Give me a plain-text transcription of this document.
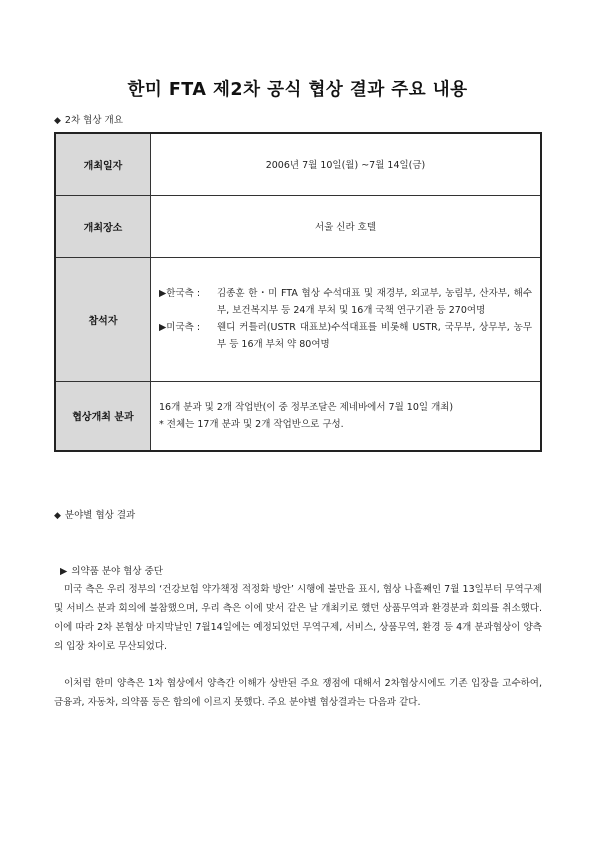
한미 FTA 제2차 공식 협상 결과 주요 내용
◆ 2차 협상 개요
개최일자	2006년 7월 10일(월) ~7월 14일(금)
개최장소	서울 신라 호텔
참석자	▶한국측 : 김종훈 한・미 FTA 협상 수석대표 및 재경부, 외교부, 농림부, 산자부, 해수부, 보건복지부 등 24개 부처 및 16개 국책 연구기관 등 270여명
▶미국측 : 웬디 커틀러(USTR 대표보)수석대표를 비롯해 USTR, 국무부, 상무부, 농무부 등 16개 부처 약 80여명

협상개최 분과	16개 분과 및 2개 작업반(이 중 정부조달은 제네바에서 7월 10일 개최)
* 전체는 17개 분과 및 2개 작업반으로 구성.
◆ 분야별 협상 결과
▶ 의약품 분야 협상 중단
미국 측은 우리 정부의 ‘건강보험 약가책정 적정화 방안’ 시행에 불만을 표시, 협상 나흘째인 7월 13일부터 무역구제 및 서비스 분과 회의에 불참했으며, 우리 측은 이에 맞서 같은 날 개최키로 했던 상품무역과 환경분과 회의를 취소했다. 이에 따라 2차 본협상 마지막날인 7월14일에는 예정되었던 무역구제, 서비스, 상품무역, 환경 등 4개 분과협상이 양측의 입장 차이로 무산되었다.
이처럼 한미 양측은 1차 협상에서 양측간 이해가 상반된 주요 쟁점에 대해서 2차협상시에도 기존 입장을 고수하여, 금융과, 자동차, 의약품 등은 합의에 이르지 못했다. 주요 분야별 협상결과는 다음과 같다.
